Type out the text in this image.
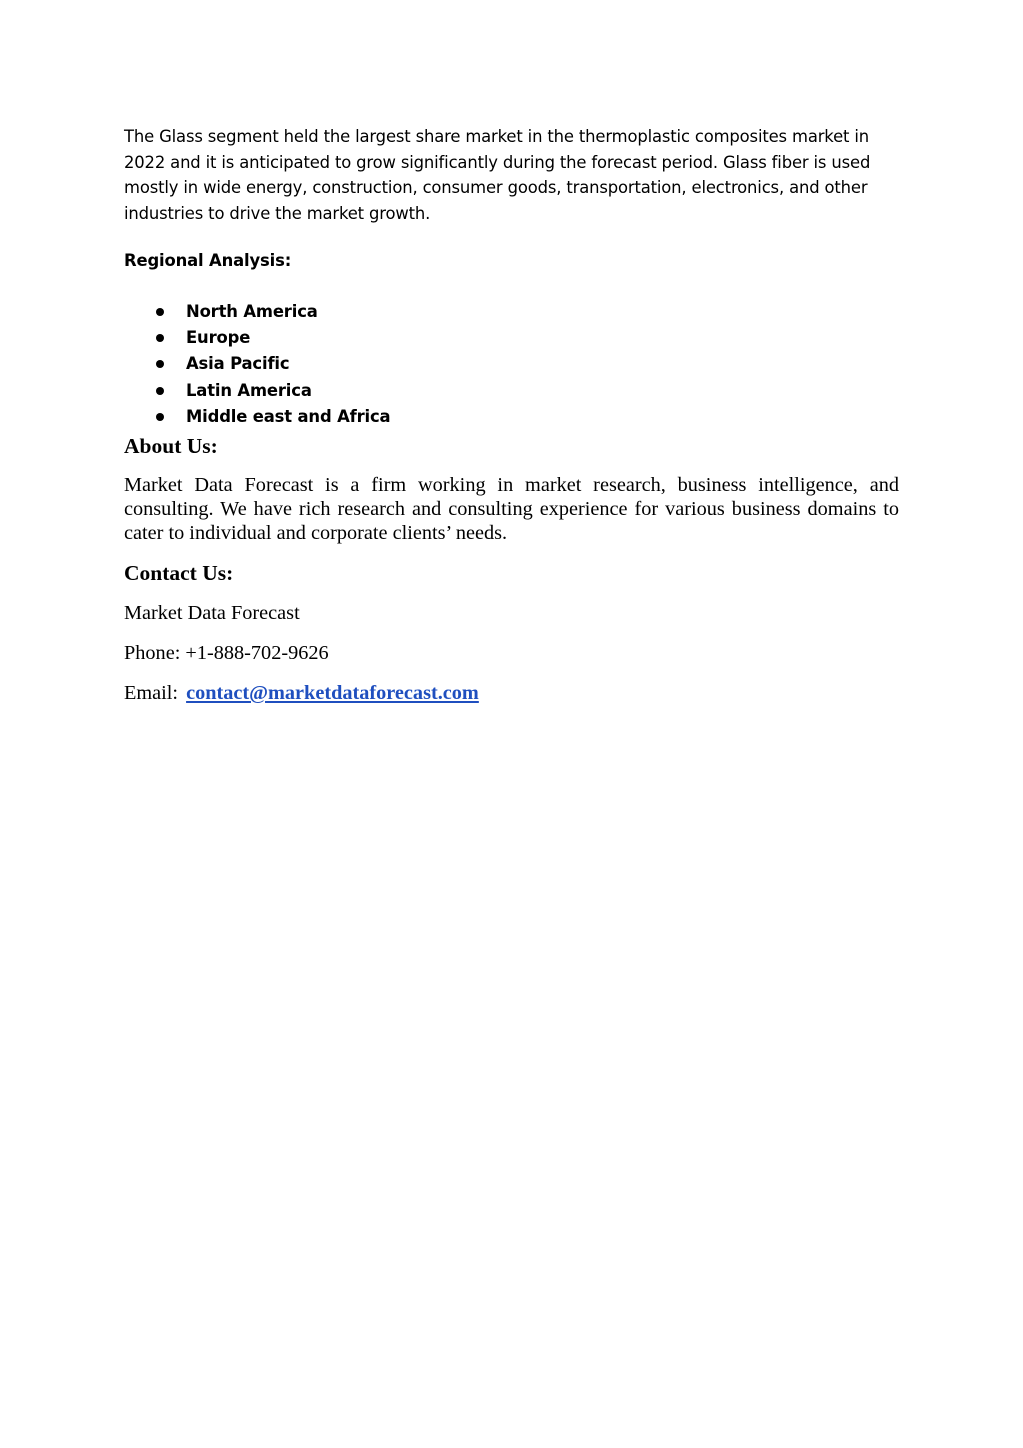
The Glass segment held the largest share market in the thermoplastic composites market in 2022 and it is anticipated to grow significantly during the forecast period. Glass fiber is used mostly in wide energy, construction, consumer goods, transportation, electronics, and other industries to drive the market growth.

Regional Analysis:

North America
Europe
Asia Pacific
Latin America
Middle east and Africa

About Us:

Market Data Forecast is a firm working in market research, business intelligence, and consulting. We have rich research and consulting experience for various business domains to cater to individual and corporate clients’ needs.

Contact Us:

Market Data Forecast

Phone: +1-888-702-9626

Email: contact@marketdataforecast.com
